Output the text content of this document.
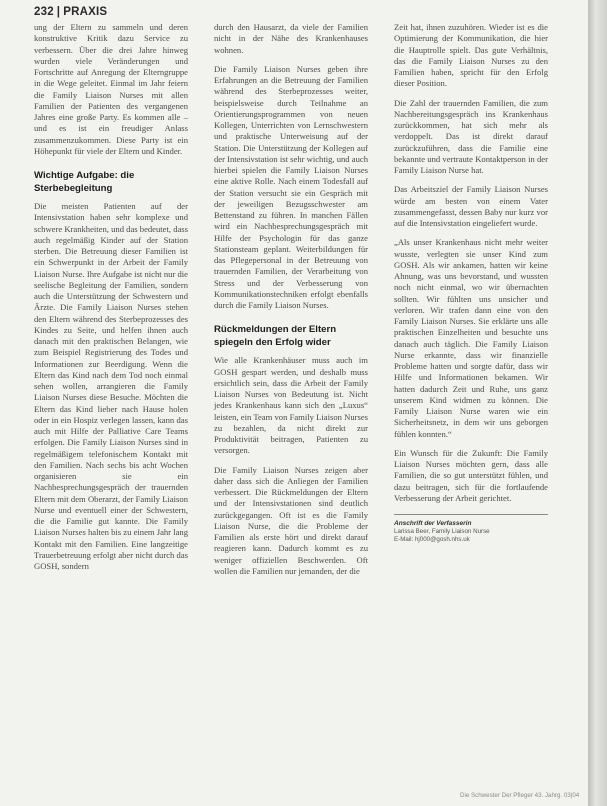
232 | PRAXIS

ung der Eltern zu sammeln und deren konstruktive Kritik dazu Service zu verbessern. Über die drei Jahre hinweg wurden viele Veränderungen und Fortschritte auf Anregung der Elterngruppe in die Wege geleitet. Einmal im Jahr feiern die Family Liaison Nurses mit allen Familien der Patienten des vergangenen Jahres eine große Party. Es kommen alle – und es ist ein freudiger Anlass zusammenzukommen. Diese Party ist ein Höhepunkt für viele der Eltern und Kinder.

Wichtige Aufgabe: die Sterbebegleitung

Die meisten Patienten auf der Intensivstation haben sehr komplexe und schwere Krankheiten, und das bedeutet, dass auch regelmäßig Kinder auf der Station sterben. Die Betreuung dieser Familien ist ein Schwerpunkt in der Arbeit der Family Liaison Nurse. Ihre Aufgabe ist nicht nur die seelische Begleitung der Familien, sondern auch die Unterstützung der Schwestern und Ärzte. Die Family Liaison Nurses stehen den Eltern während des Sterbeprozesses des Kindes zu Seite, und helfen ihnen auch danach mit den praktischen Belangen, wie zum Beispiel Registrierung des Todes und Informationen zur Beerdigung. Wenn die Eltern das Kind nach dem Tod noch einmal sehen wollen, arrangieren die Family Liaison Nurses diese Besuche. Möchten die Eltern das Kind lieber nach Hause holen oder in ein Hospiz verlegen lassen, kann das auch mit Hilfe der Palliative Care Teams erfolgen. Die Family Liaison Nurses sind in regelmäßigem telefonischem Kontakt mit den Familien. Nach sechs bis acht Wochen organisieren sie ein Nachbesprechungsgespräch der trauernden Eltern mit dem Oberarzt, der Family Liaison Nurse und eventuell einer der Schwestern, die die Familie gut kannte. Die Family Liaison Nurses halten bis zu einem Jahr lang Kontakt mit den Familien. Eine langzeitige Trauerbetreuung erfolgt aber nicht durch das GOSH, sondern

durch den Hausarzt, da viele der Familien nicht in der Nähe des Krankenhauses wohnen.

Die Family Liaison Nurses geben ihre Erfahrungen an die Betreuung der Familien während des Sterbeprozesses weiter, beispielsweise durch Teilnahme an Orientierungsprogrammen von neuen Kollegen, Unterrichten von Lernschwestern und praktische Unterweisung auf der Station. Die Unterstützung der Kollegen auf der Intensivstation ist sehr wichtig, und auch hierbei spielen die Family Liaison Nurses eine aktive Rolle. Nach einem Todesfall auf der Station versucht sie ein Gespräch mit der jeweiligen Bezugsschwester am Bettenstand zu führen. In manchen Fällen wird ein Nachbesprechungsgespräch mit Hilfe der Psychologin für das ganze Stationsteam geplant. Weiterbildungen für das Pflegepersonal in der Betreuung von trauernden Familien, der Verarbeitung von Stress und der Verbesserung von Kommunikationstechniken erfolgt ebenfalls durch die Family Liaison Nurses.

Rückmeldungen der Eltern spiegeln den Erfolg wider

Wie alle Krankenhäuser muss auch im GOSH gespart werden, und deshalb muss ersichtlich sein, dass die Arbeit der Family Liaison Nurses von Bedeutung ist. Nicht jedes Krankenhaus kann sich den „Luxus“ leisten, ein Team von Family Liaison Nurses zu bezahlen, da nicht direkt zur Produktivität beitragen, Patienten zu versorgen.

Die Family Liaison Nurses zeigen aber daher dass sich die Anliegen der Familien verbessert. Die Rückmeldungen der Eltern und der Intensivstationen sind deutlich zurückgegangen. Oft ist es die Family Liaison Nurse, die die Probleme der Familien als erste hört und direkt darauf reagieren kann. Dadurch kommt es zu weniger offiziellen Beschwerden. Oft wollen die Familien nur jemanden, der die

Zeit hat, ihnen zuzuhören. Wieder ist es die Optimierung der Kommunikation, die hier die Hauptrolle spielt. Das gute Verhältnis, das die Family Liaison Nurses zu den Familien haben, spricht für den Erfolg dieser Position.

Die Zahl der trauernden Familien, die zum Nachbereitungsgespräch ins Krankenhaus zurückkommen, hat sich mehr als verdoppelt. Das ist direkt darauf zurückzuführen, dass die Familie eine bekannte und vertraute Kontaktperson in der Family Liaison Nurse hat.

Das Arbeitsziel der Family Liaison Nurses würde am besten von einem Vater zusammengefasst, dessen Baby nur kurz vor auf die Intensivstation eingeliefert wurde.

„Als unser Krankenhaus nicht mehr weiter wusste, verlegten sie unser Kind zum GOSH. Als wir ankamen, hatten wir keine Ahnung, was uns bevorstand, und wussten noch nicht einmal, wo wir übernachten sollten. Wir fühlten uns unsicher und verloren. Wir trafen dann eine von den Family Liaison Nurses. Sie erklärte uns alle praktischen Einzelheiten und besuchte uns danach auch täglich. Die Family Liaison Nurse erkannte, dass wir finanzielle Probleme hatten und sorgte dafür, dass wir Hilfe und Informationen bekamen. Wir hatten dadurch Zeit und Ruhe, uns ganz unserem Kind widmen zu können. Die Family Liaison Nurse waren wie ein Sicherheitsnetz, in dem wir uns geborgen fühlen konnten.“

Ein Wunsch für die Zukunft: Die Family Liaison Nurses möchten gern, dass alle Familien, die so gut unterstützt fühlen, und dazu beitragen, sich für die fortlaufende Verbesserung der Arbeit gerichtet.

Anschrift der Verfasserin
Larissa Beer, Family Liaison Nurse
E-Mail: hj000@gosh.nhs.uk
Die Schwester Der Pfleger 43. Jahrg. 03|04
